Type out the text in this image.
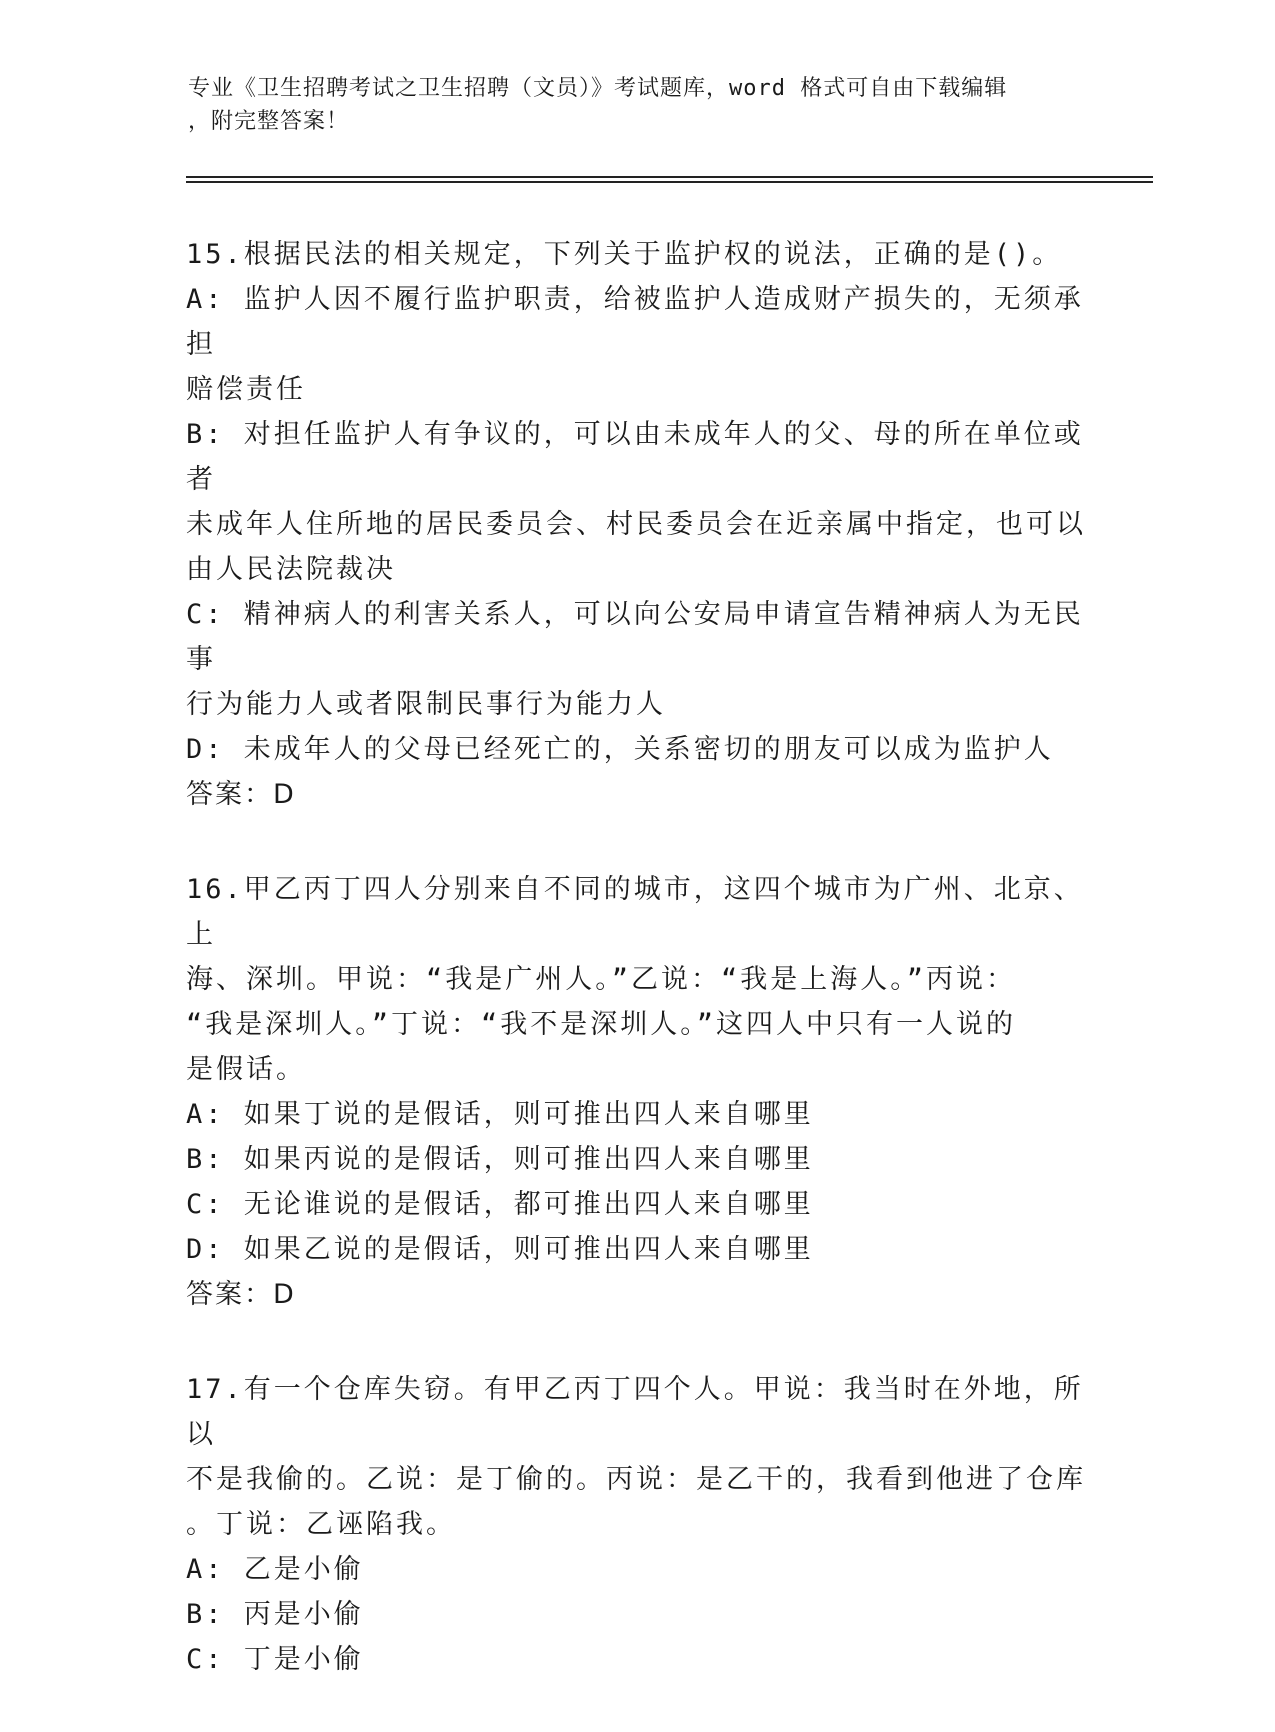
专业《卫生招聘考试之卫生招聘（文员）》考试题库，word 格式可自由下载编辑
，附完整答案！
15.根据民法的相关规定，下列关于监护权的说法，正确的是()。
A: 监护人因不履行监护职责，给被监护人造成财产损失的，无须承担
赔偿责任
B: 对担任监护人有争议的，可以由未成年人的父、母的所在单位或者
未成年人住所地的居民委员会、村民委员会在近亲属中指定，也可以
由人民法院裁决
C: 精神病人的利害关系人，可以向公安局申请宣告精神病人为无民事
行为能力人或者限制民事行为能力人
D: 未成年人的父母已经死亡的，关系密切的朋友可以成为监护人
答案：D
16.甲乙丙丁四人分别来自不同的城市，这四个城市为广州、北京、上
海、深圳。甲说：“我是广州人。”乙说：“我是上海人。”丙说：
“我是深圳人。”丁说：“我不是深圳人。”这四人中只有一人说的
是假话。
A: 如果丁说的是假话，则可推出四人来自哪里
B: 如果丙说的是假话，则可推出四人来自哪里
C: 无论谁说的是假话，都可推出四人来自哪里
D: 如果乙说的是假话，则可推出四人来自哪里
答案：D
17.有一个仓库失窃。有甲乙丙丁四个人。甲说：我当时在外地，所以
不是我偷的。乙说：是丁偷的。丙说：是乙干的，我看到他进了仓库
。丁说：乙诬陷我。
A: 乙是小偷
B: 丙是小偷
C: 丁是小偷
